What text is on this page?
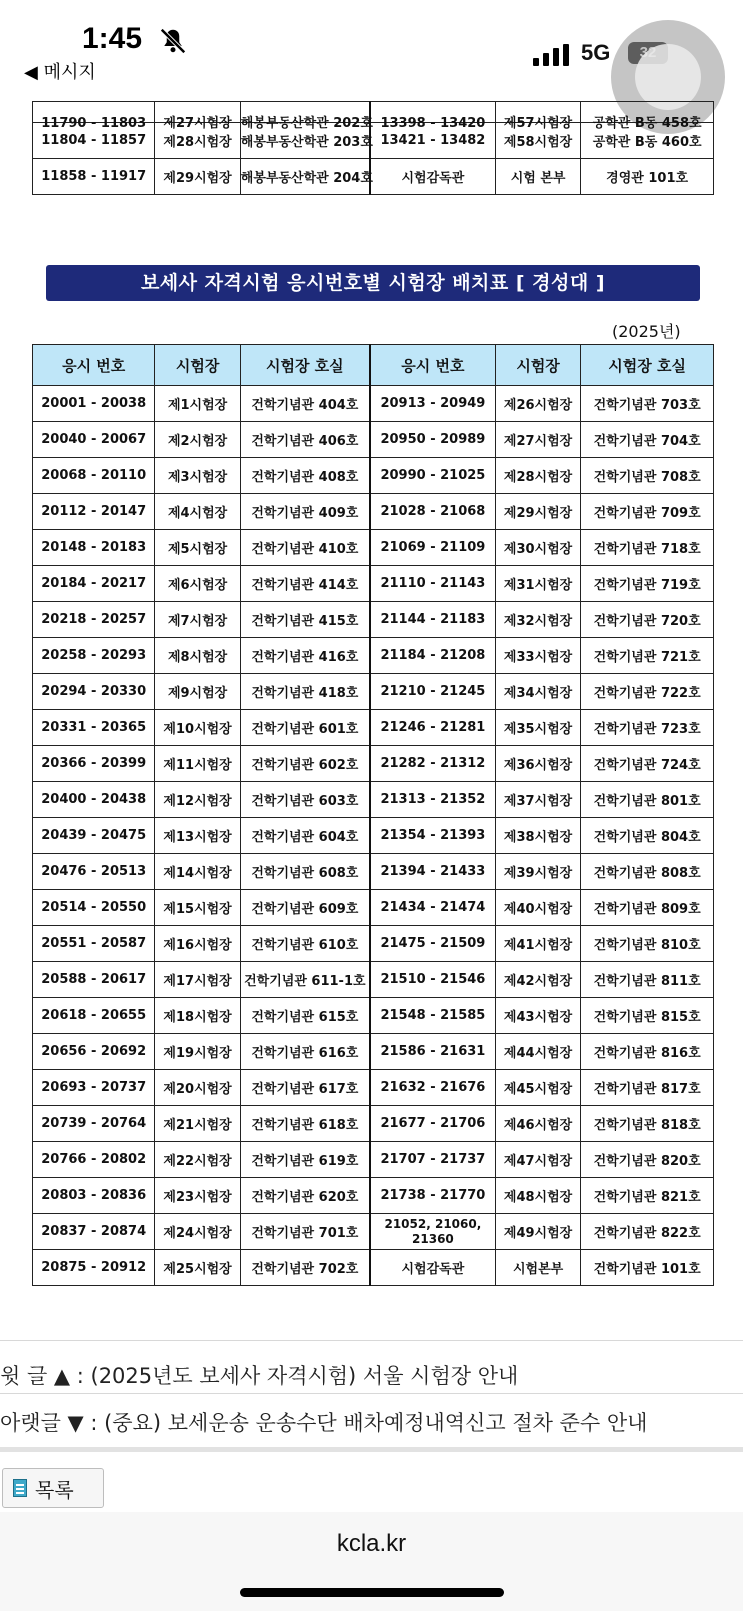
1:45
◀ 메시지
5G
11790 - 11803	제27시험장	해봉부동산학관 202호	13398 - 13420	제57시험장	공학관 B동 458호

11804 - 11857	제28시험장	해봉부동산학관 203호	13421 - 13482	제58시험장	공학관 B동 460호
11858 - 11917	제29시험장	해봉부동산학관 204호	시험감독관	시험 본부	경영관 101호
보세사 자격시험 응시번호별 시험장 배치표 [ 경성대 ]
(2025년)
응시 번호	시험장	시험장 호실	응시 번호	시험장	시험장 호실
20001 - 20038	제1시험장	건학기념관 404호	20913 - 20949	제26시험장	건학기념관 703호
20040 - 20067	제2시험장	건학기념관 406호	20950 - 20989	제27시험장	건학기념관 704호
20068 - 20110	제3시험장	건학기념관 408호	20990 - 21025	제28시험장	건학기념관 708호
20112 - 20147	제4시험장	건학기념관 409호	21028 - 21068	제29시험장	건학기념관 709호
20148 - 20183	제5시험장	건학기념관 410호	21069 - 21109	제30시험장	건학기념관 718호
20184 - 20217	제6시험장	건학기념관 414호	21110 - 21143	제31시험장	건학기념관 719호
20218 - 20257	제7시험장	건학기념관 415호	21144 - 21183	제32시험장	건학기념관 720호
20258 - 20293	제8시험장	건학기념관 416호	21184 - 21208	제33시험장	건학기념관 721호
20294 - 20330	제9시험장	건학기념관 418호	21210 - 21245	제34시험장	건학기념관 722호
20331 - 20365	제10시험장	건학기념관 601호	21246 - 21281	제35시험장	건학기념관 723호
20366 - 20399	제11시험장	건학기념관 602호	21282 - 21312	제36시험장	건학기념관 724호
20400 - 20438	제12시험장	건학기념관 603호	21313 - 21352	제37시험장	건학기념관 801호
20439 - 20475	제13시험장	건학기념관 604호	21354 - 21393	제38시험장	건학기념관 804호
20476 - 20513	제14시험장	건학기념관 608호	21394 - 21433	제39시험장	건학기념관 808호
20514 - 20550	제15시험장	건학기념관 609호	21434 - 21474	제40시험장	건학기념관 809호
20551 - 20587	제16시험장	건학기념관 610호	21475 - 21509	제41시험장	건학기념관 810호
20588 - 20617	제17시험장	건학기념관 611-1호	21510 - 21546	제42시험장	건학기념관 811호
20618 - 20655	제18시험장	건학기념관 615호	21548 - 21585	제43시험장	건학기념관 815호
20656 - 20692	제19시험장	건학기념관 616호	21586 - 21631	제44시험장	건학기념관 816호
20693 - 20737	제20시험장	건학기념관 617호	21632 - 21676	제45시험장	건학기념관 817호
20739 - 20764	제21시험장	건학기념관 618호	21677 - 21706	제46시험장	건학기념관 818호
20766 - 20802	제22시험장	건학기념관 619호	21707 - 21737	제47시험장	건학기념관 820호
20803 - 20836	제23시험장	건학기념관 620호	21738 - 21770	제48시험장	건학기념관 821호
20837 - 20874	제24시험장	건학기념관 701호	21052, 21060, 21360	제49시험장	건학기념관 822호
20875 - 20912	제25시험장	건학기념관 702호	시험감독관	시험본부	건학기념관 101호
윗 글 ▲ : (2025년도 보세사 자격시험) 서울 시험장 안내
아랫글 ▼ : (중요) 보세운송 운송수단 배차예정내역신고 절차 준수 안내
목록
kcla.kr
